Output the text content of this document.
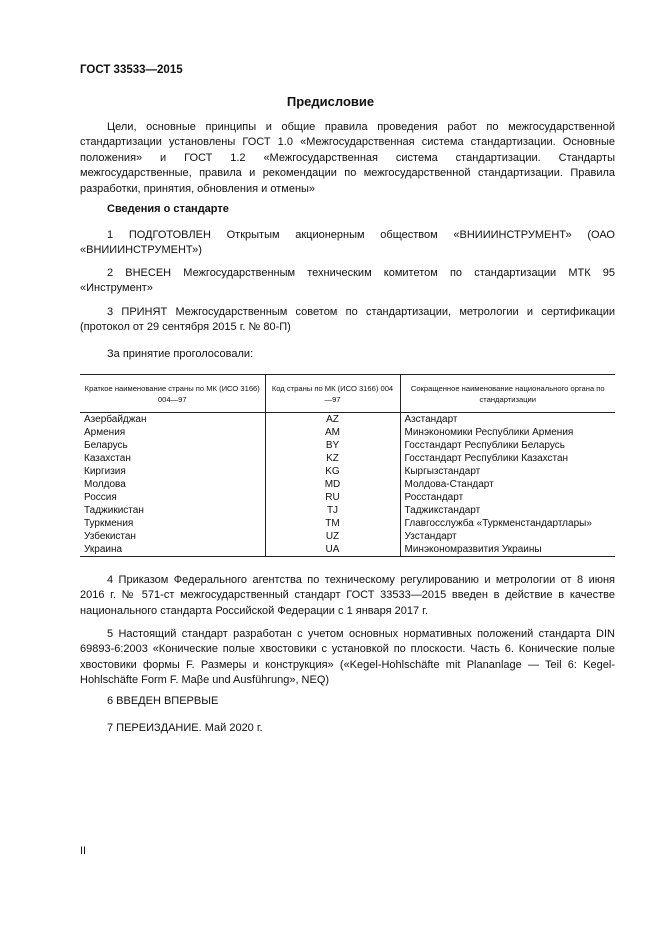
ГОСТ 33533—2015
Предисловие

Цели, основные принципы и общие правила проведения работ по межгосударственной стандартизации установлены ГОСТ 1.0 «Межгосударственная система стандартизации. Основные положения» и ГОСТ 1.2 «Межгосударственная система стандартизации. Стандарты межгосударственные, правила и рекомендации по межгосударственной стандартизации. Правила разработки, принятия, обновления и отмены»

Сведения о стандарте

1 ПОДГОТОВЛЕН Открытым акционерным обществом «ВНИИИНСТРУМЕНТ» (ОАО «ВНИИИНСТРУМЕНТ»)

2 ВНЕСЕН Межгосударственным техническим комитетом по стандартизации МТК 95 «Инструмент»

3 ПРИНЯТ Межгосударственным советом по стандартизации, метрологии и сертификации (протокол от 29 сентября 2015 г. № 80-П)

За принятие проголосовали:

Краткое наименование страны по МК (ИСО 3166) 004—97	Код страны по МК (ИСО 3166) 004—97	Сокращенное наименование национального органа по стандартизации
Азербайджан	AZ	Азстандарт
Армения	AM	Минэкономики Республики Армения
Беларусь	BY	Госстандарт Республики Беларусь
Казахстан	KZ	Госстандарт Республики Казахстан
Киргизия	KG	Кыргызстандарт
Молдова	MD	Молдова-Стандарт
Россия	RU	Росстандарт
Таджикистан	TJ	Таджикстандарт
Туркмения	TM	Главгосслужба «Туркменстандартлары»
Узбекистан	UZ	Узстандарт
Украина	UA	Минэкономразвития Украины

4 Приказом Федерального агентства по техническому регулированию и метрологии от 8 июня 2016 г. № 571-ст межгосударственный стандарт ГОСТ 33533—2015 введен в действие в качестве национального стандарта Российской Федерации с 1 января 2017 г.

5 Настоящий стандарт разработан с учетом основных нормативных положений стандарта DIN 69893-6:2003 «Конические полые хвостовики с установкой по плоскости. Часть 6. Конические полые хвостовики формы F. Размеры и конструкция» («Kegel-Hohlschäfte mit Plananlage — Teil 6: Kegel-Hohlschäfte Form F. Maβe und Ausführung», NEQ)

6 ВВЕДЕН ВПЕРВЫЕ

7 ПЕРЕИЗДАНИЕ. Май 2020 г.

II
